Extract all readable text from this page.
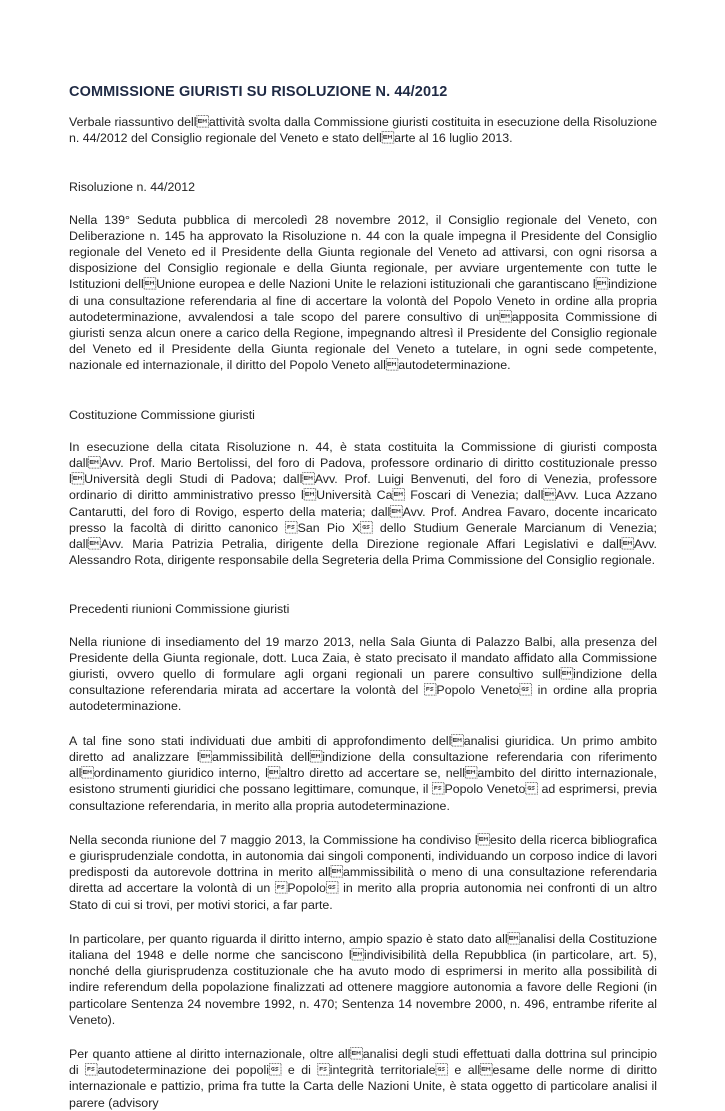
COMMISSIONE GIURISTI SU RISOLUZIONE N. 44/2012

Verbale riassuntivo dellattività svolta dalla Commissione giuristi costituita in esecuzione della Risoluzione n. 44/2012 del Consiglio regionale del Veneto e stato dellarte al 16 luglio 2013.

Risoluzione n. 44/2012

Nella 139° Seduta pubblica di mercoledì 28 novembre 2012, il Consiglio regionale del Veneto, con Deliberazione n. 145 ha approvato la Risoluzione n. 44 con la quale impegna il Presidente del Consiglio regionale del Veneto ed il Presidente della Giunta regionale del Veneto ad attivarsi, con ogni risorsa a disposizione del Consiglio regionale e della Giunta regionale, per avviare urgentemente con tutte le Istituzioni dellUnione europea e delle Nazioni Unite le relazioni istituzionali che garantiscano lindizione di una consultazione referendaria al fine di accertare la volontà del Popolo Veneto in ordine alla propria autodeterminazione, avvalendosi a tale scopo del parere consultivo di unapposita Commissione di giuristi senza alcun onere a carico della Regione, impegnando altresì il Presidente del Consiglio regionale del Veneto ed il Presidente della Giunta regionale del Veneto a tutelare, in ogni sede competente, nazionale ed internazionale, il diritto del Popolo Veneto allautodeterminazione.

Costituzione Commissione giuristi

In esecuzione della citata Risoluzione n. 44, è stata costituita la Commissione di giuristi composta dallAvv. Prof. Mario Bertolissi, del foro di Padova, professore ordinario di diritto costituzionale presso lUniversità degli Studi di Padova; dallAvv. Prof. Luigi Benvenuti, del foro di Venezia, professore ordinario di diritto amministrativo presso lUniversità Ca Foscari di Venezia; dallAvv. Luca Azzano Cantarutti, del foro di Rovigo, esperto della materia; dallAvv. Prof. Andrea Favaro, docente incaricato presso la facoltà di diritto canonico San Pio X dello Studium Generale Marcianum di Venezia; dallAvv. Maria Patrizia Petralia, dirigente della Direzione regionale Affari Legislativi e dallAvv. Alessandro Rota, dirigente responsabile della Segreteria della Prima Commissione del Consiglio regionale.

Precedenti riunioni Commissione giuristi

Nella riunione di insediamento del 19 marzo 2013, nella Sala Giunta di Palazzo Balbi, alla presenza del Presidente della Giunta regionale, dott. Luca Zaia, è stato precisato il mandato affidato alla Commissione giuristi, ovvero quello di formulare agli organi regionali un parere consultivo sullindizione della consultazione referendaria mirata ad accertare la volontà del Popolo Veneto in ordine alla propria autodeterminazione.

A tal fine sono stati individuati due ambiti di approfondimento dellanalisi giuridica. Un primo ambito diretto ad analizzare lammissibilità dellindizione della consultazione referendaria con riferimento allordinamento giuridico interno, laltro diretto ad accertare se, nellambito del diritto internazionale, esistono strumenti giuridici che possano legittimare, comunque, il Popolo Veneto ad esprimersi, previa consultazione referendaria, in merito alla propria autodeterminazione.

Nella seconda riunione del 7 maggio 2013, la Commissione ha condiviso lesito della ricerca bibliografica e giurisprudenziale condotta, in autonomia dai singoli componenti, individuando un corposo indice di lavori predisposti da autorevole dottrina in merito allammissibilità o meno di una consultazione referendaria diretta ad accertare la volontà di un Popolo in merito alla propria autonomia nei confronti di un altro Stato di cui si trovi, per motivi storici, a far parte.

In particolare, per quanto riguarda il diritto interno, ampio spazio è stato dato allanalisi della Costituzione italiana del 1948 e delle norme che sanciscono lindivisibilità della Repubblica (in particolare, art. 5), nonché della giurisprudenza costituzionale che ha avuto modo di esprimersi in merito alla possibilità di indire referendum della popolazione finalizzati ad ottenere maggiore autonomia a favore delle Regioni (in particolare Sentenza 24 novembre 1992, n. 470; Sentenza 14 novembre 2000, n. 496, entrambe riferite al Veneto).

Per quanto attiene al diritto internazionale, oltre allanalisi degli studi effettuati dalla dottrina sul principio di autodeterminazione dei popoli e di integrità territoriale e allesame delle norme di diritto internazionale e pattizio, prima fra tutte la Carta delle Nazioni Unite, è stata oggetto di particolare analisi il parere (advisory
